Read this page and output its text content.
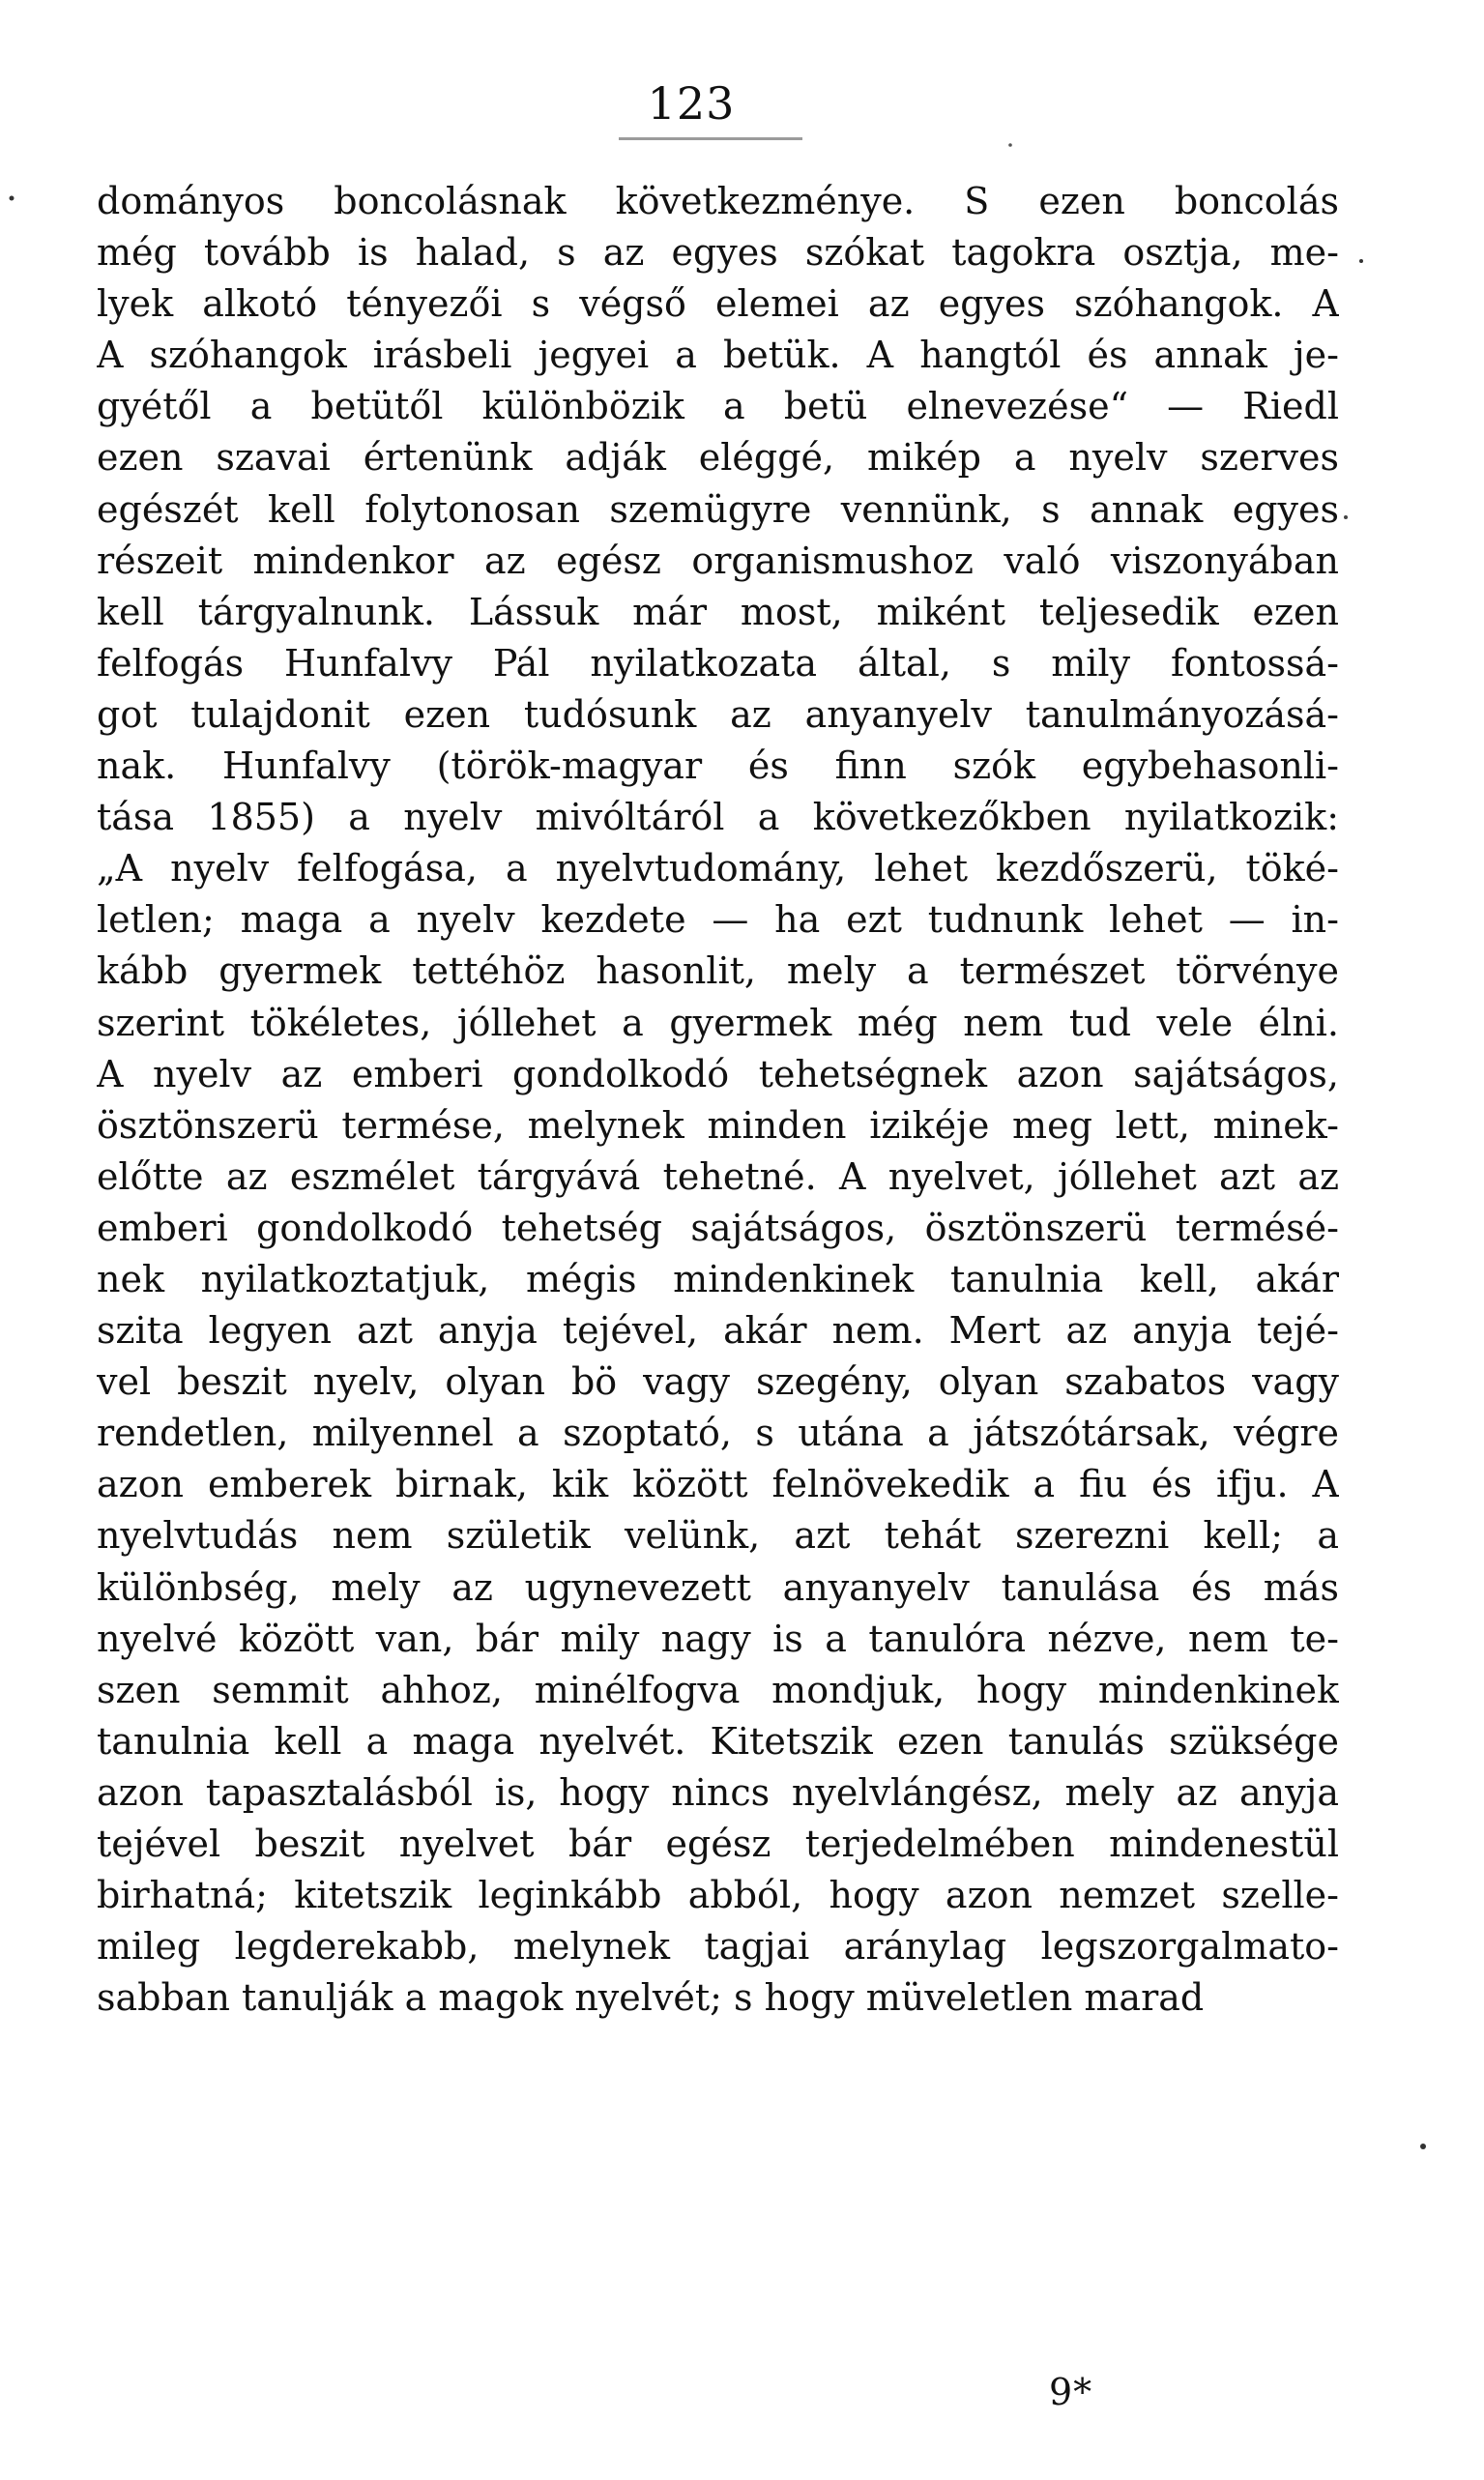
123
dományos boncolásnak következménye. S ezen boncolás
még tovább is halad, s az egyes szókat tagokra osztja, me-
lyek alkotó tényezői s végső elemei az egyes szóhangok. A
A szóhangok irásbeli jegyei a betük. A hangtól és annak je-
gyétől a betütől különbözik a betü elnevezése“ — Riedl
ezen szavai értenünk adják eléggé, mikép a nyelv szerves
egészét kell folytonosan szemügyre vennünk, s annak egyes
részeit mindenkor az egész organismushoz való viszonyában
kell tárgyalnunk. Lássuk már most, miként teljesedik ezen
felfogás Hunfalvy Pál nyilatkozata által, s mily fontossá-
got tulajdonit ezen tudósunk az anyanyelv tanulmányozásá-
nak. Hunfalvy (török-magyar és finn szók egybehasonli-
tása 1855) a nyelv mivóltáról a következőkben nyilatkozik:
„A nyelv felfogása, a nyelvtudomány, lehet kezdőszerü, töké-
letlen; maga a nyelv kezdete — ha ezt tudnunk lehet — in-
kább gyermek tettéhöz hasonlit, mely a természet törvénye
szerint tökéletes, jóllehet a gyermek még nem tud vele élni.
A nyelv az emberi gondolkodó tehetségnek azon sajátságos,
ösztönszerü termése, melynek minden izikéje meg lett, minek-
előtte az eszmélet tárgyává tehetné. A nyelvet, jóllehet azt az
emberi gondolkodó tehetség sajátságos, ösztönszerü termésé-
nek nyilatkoztatjuk, mégis mindenkinek tanulnia kell, akár
szita legyen azt anyja tejével, akár nem. Mert az anyja tejé-
vel beszit nyelv, olyan bö vagy szegény, olyan szabatos vagy
rendetlen, milyennel a szoptató, s utána a játszótársak, végre
azon emberek birnak, kik között felnövekedik a fiu és ifju. A
nyelvtudás nem születik velünk, azt tehát szerezni kell; a
különbség, mely az ugynevezett anyanyelv tanulása és más
nyelvé között van, bár mily nagy is a tanulóra nézve, nem te-
szen semmit ahhoz, minélfogva mondjuk, hogy mindenkinek
tanulnia kell a maga nyelvét. Kitetszik ezen tanulás szüksége
azon tapasztalásból is, hogy nincs nyelvlángész, mely az anyja
tejével beszit nyelvet bár egész terjedelmében mindenestül
birhatná; kitetszik leginkább abból, hogy azon nemzet szelle-
mileg legderekabb, melynek tagjai aránylag legszorgalmato-
sabban tanulják a magok nyelvét; s hogy müveletlen marad
9*
